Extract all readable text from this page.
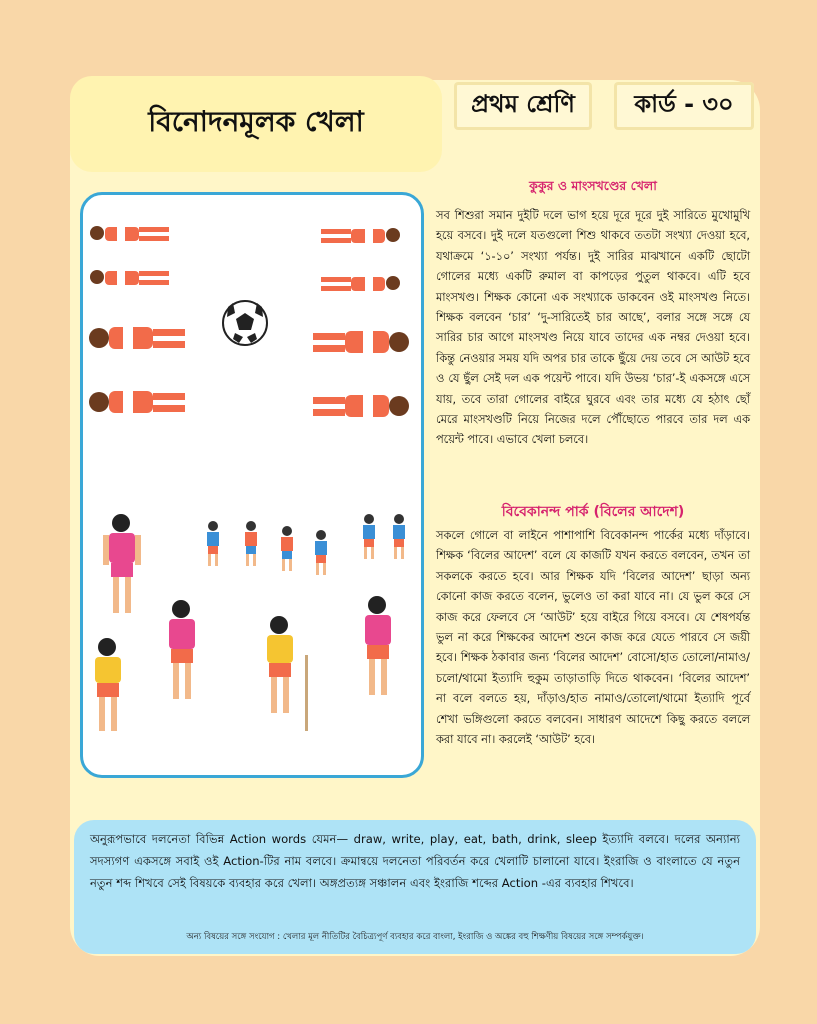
বিনোদনমূলক খেলা
প্রথম শ্রেণি	কার্ড - ৩০
কুকুর ও মাংসখণ্ডের খেলা
সব শিশুরা সমান দুইটি দলে ভাগ হয়ে দূরে দূরে দুই সারিতে মুখোমুখি হয়ে বসবে। দুই দলে যতগুলো শিশু থাকবে ততটা সংখ্যা দেওয়া হবে, যথাক্রমে ‘১-১০’ সংখ্যা পর্যন্ত। দুই সারির মাঝখানে একটি ছোটো গোলের মধ্যে একটি রুমাল বা কাপড়ের পুতুল থাকবে। এটি হবে মাংসখণ্ড। শিক্ষক কোনো এক সংখ্যাকে ডাকবেন ওই মাংসখণ্ড নিতে। শিক্ষক বলবেন ‘চার’ ‘দু-সারিতেই চার আছে’, বলার সঙ্গে সঙ্গে যে সারির চার আগে মাংসখণ্ড নিয়ে যাবে তাদের এক নম্বর দেওয়া হবে। কিন্তু নেওয়ার সময় যদি অপর চার তাকে ছুঁয়ে দেয় তবে সে আউট হবে ও যে ছুঁল সেই দল এক পয়েন্ট পাবে। যদি উভয় ‘চার’-ই একসঙ্গে এসে যায়, তবে তারা গোলের বাইরে ঘুরবে এবং তার মধ্যে যে হঠাৎ ছোঁ মেরে মাংসখণ্ডটি নিয়ে নিজের দলে পৌঁছোতে পারবে তার দল এক পয়েন্ট পাবে। এভাবে খেলা চলবে।
বিবেকানন্দ পার্ক (বিলের আদেশ)
সকলে গোলে বা লাইনে পাশাপাশি বিবেকানন্দ পার্কের মধ্যে দাঁড়াবে। শিক্ষক ‘বিলের আদেশ’ বলে যে কাজটি যখন করতে বলবেন, তখন তা সকলকে করতে হবে। আর শিক্ষক যদি ‘বিলের আদেশ’ ছাড়া অন্য কোনো কাজ করতে বলেন, ভুলেও তা করা যাবে না। যে ভুল করে সে কাজ করে ফেলবে সে ‘আউট’ হয়ে বাইরে গিয়ে বসবে। যে শেষপর্যন্ত ভুল না করে শিক্ষকের আদেশ শুনে কাজ করে যেতে পারবে সে জয়ী হবে। শিক্ষক ঠকাবার জন্য ‘বিলের আদেশ’ বোসো/হাত তোলো/নামাও/চলো/থামো ইত্যাদি হুকুম তাড়াতাড়ি দিতে থাকবেন। ‘বিলের আদেশ’ না বলে বলতে হয়, দাঁড়াও/হাত নামাও/তোলো/থামো ইত্যাদি পূর্বে শেখা ভঙ্গিগুলো করতে বলবেন। সাধারণ আদেশে কিছু করতে বললে করা যাবে না। করলেই ‘আউট’ হবে।
অনুরূপভাবে দলনেতা বিভিন্ন Action words যেমন— draw, write, play, eat, bath, drink, sleep ইত্যাদি বলবে। দলের অন্যান্য সদস্যগণ একসঙ্গে সবাই ওই Action-টির নাম বলবে। ক্রমান্বয়ে দলনেতা পরিবর্তন করে খেলাটি চালানো যাবে। ইংরাজি ও বাংলাতে যে নতুন নতুন শব্দ শিখবে সেই বিষয়কে ব্যবহার করে খেলা। অঙ্গপ্রত্যঙ্গ সঞ্চালন এবং ইংরাজি শব্দের Action -এর ব্যবহার শিখবে।
অন্য বিষয়ের সঙ্গে সংযোগ : খেলার মূল নীতিটির বৈচিত্র্যপূর্ণ ব্যবহার করে বাংলা, ইংরাজি ও অঙ্কের বহু শিক্ষণীয় বিষয়ের সঙ্গে সম্পর্কযুক্ত।
